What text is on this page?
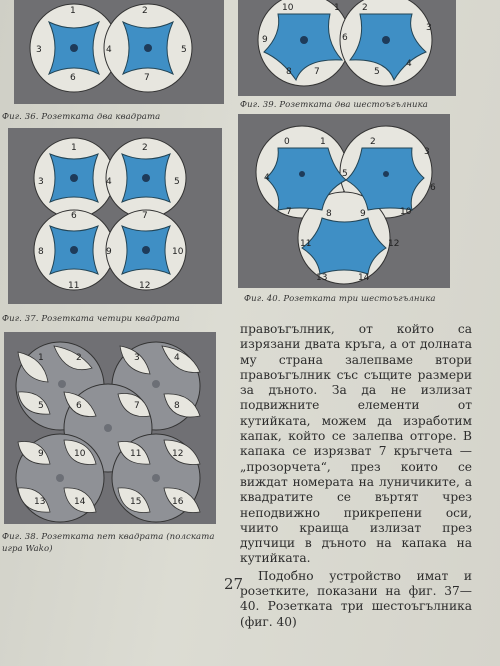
1	2
3	4	5
6	7
Фиг. 36. Розетката два квадрата
10	1 2
3
4
5
6
7
8
9
Фиг. 39. Розетката два шестоъгълника
1	2
3	4	5
6	7
8	9	10
11	12
Фиг. 37. Розетката четири квадрата
0	1	2
3
4	5
6
7	8	9	10
11	12
13	14
Фиг. 40. Розетката три шестоъгълника
1	2	3	4
5	6	7	8
9	10	11	12
13	14	15	16
Фиг. 38. Розетката пет квадрата (полската
игра Wako)

правоъгълник, от който са изрязани двата кръга, а от долната му страна залепваме втори правоъгълник със същите размери за дъното. За да не излизат подвижните елементи от кутийката, можем да изработим капак, който се залепва отгоре. В капака се изрязват 7 кръгчета — „прозорчета“, през които се виждат номерата на луничиките, а квадратите се въртят чрез неподвижно прикрепени оси, чиито краища излизат през дупчици в дъното на капака на кутийката.

Подобно устройство имат и розетките, показани на фиг. 37—40. Розетката три шестоъгълника (фиг. 40)

27
